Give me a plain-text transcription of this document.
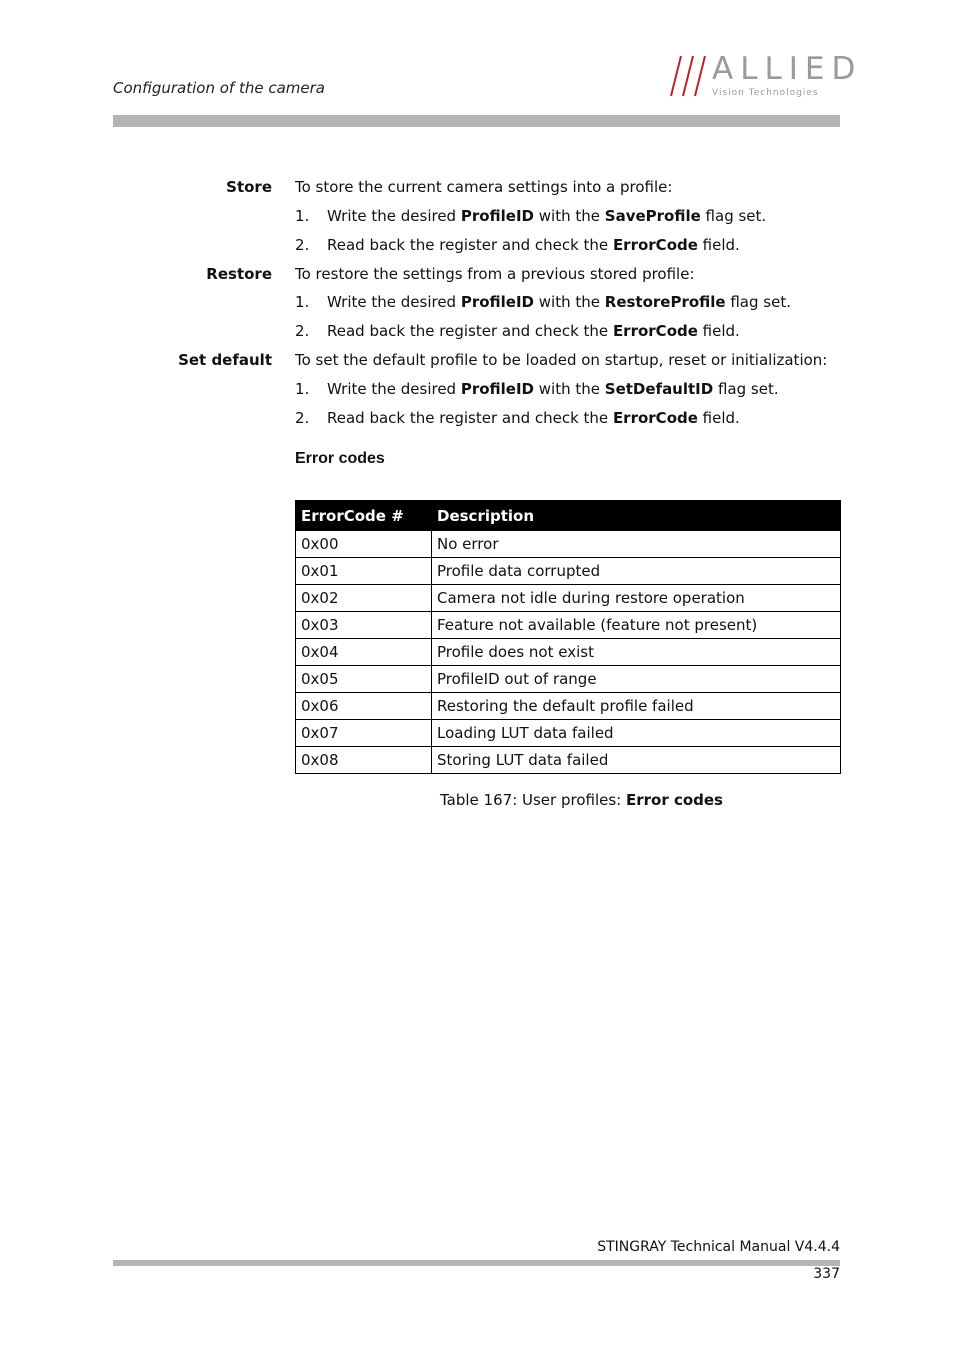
Configuration of the camera
ALLIED
Vision Technologies
Store To store the current camera settings into a profile:
1. Write the desired ProfileID with the SaveProfile flag set.
2. Read back the register and check the ErrorCode field.
Restore To restore the settings from a previous stored profile:
1. Write the desired ProfileID with the RestoreProfile flag set.
2. Read back the register and check the ErrorCode field.
Set default To set the default profile to be loaded on startup, reset or initialization:
1. Write the desired ProfileID with the SetDefaultID flag set.
2. Read back the register and check the ErrorCode field.
Error codes
ErrorCode #	Description
0x00	No error
0x01	Profile data corrupted
0x02	Camera not idle during restore operation
0x03	Feature not available (feature not present)
0x04	Profile does not exist
0x05	ProfileID out of range
0x06	Restoring the default profile failed
0x07	Loading LUT data failed
0x08	Storing LUT data failed
Table 167: User profiles: Error codes
STINGRAY Technical Manual V4.4.4
337
